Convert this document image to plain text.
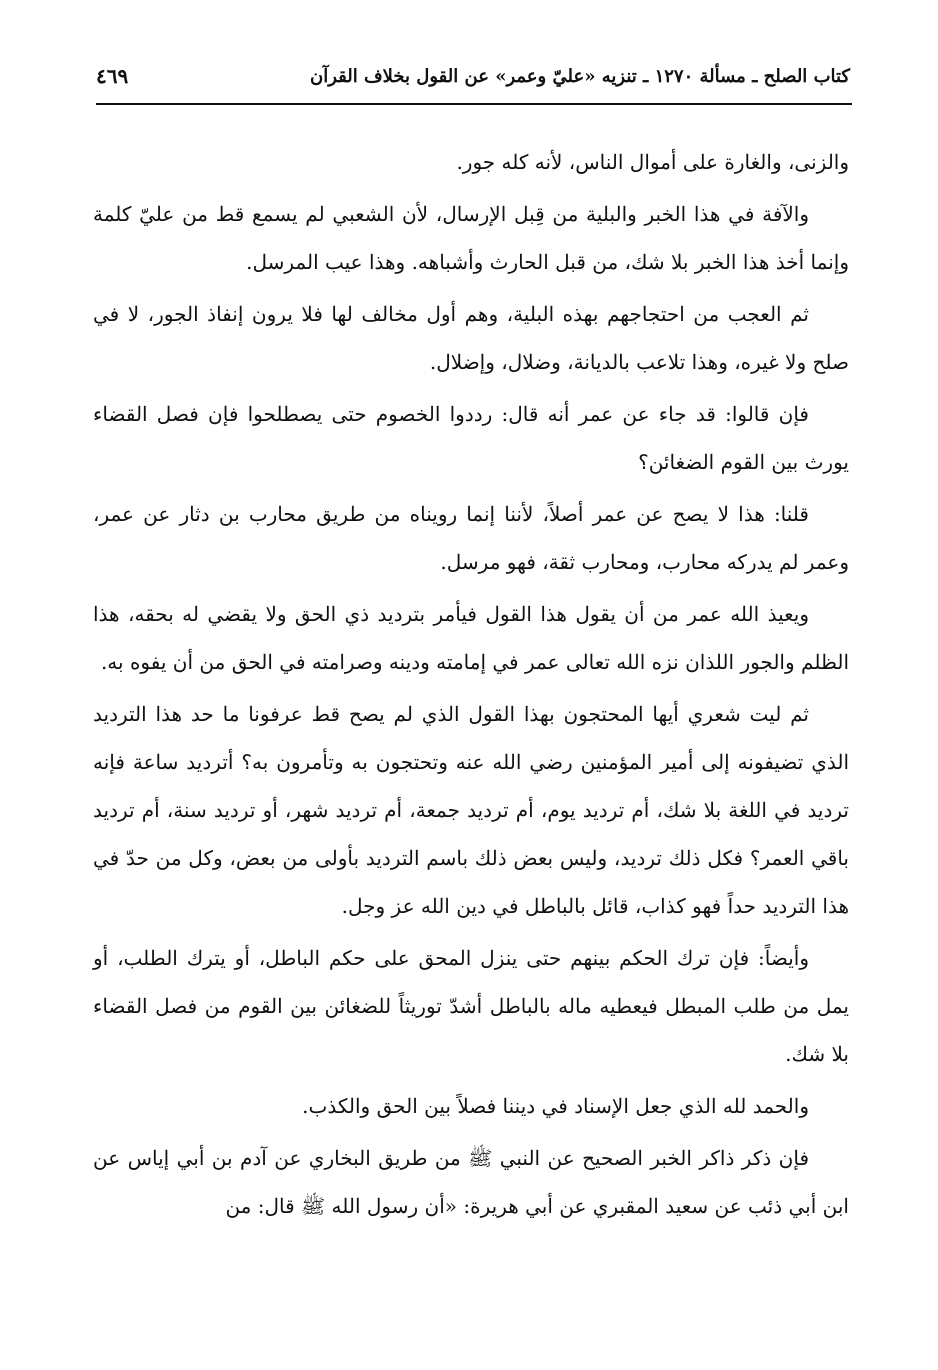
كتاب الصلح ـ مسألة ١٢٧٠ ـ تنزيه «عليّ وعمر» عن القول بخلاف القرآن
٤٦٩

والزنى، والغارة على أموال الناس، لأنه كله جور.

والآفة في هذا الخبر والبلية من قِبل الإرسال، لأن الشعبي لم يسمع قط من عليّ كلمة وإنما أخذ هذا الخبر بلا شك، من قبل الحارث وأشباهه. وهذا عيب المرسل.

ثم العجب من احتجاجهم بهذه البلية، وهم أول مخالف لها فلا يرون إنفاذ الجور، لا في صلح ولا غيره، وهذا تلاعب بالديانة، وضلال، وإضلال.

فإن قالوا: قد جاء عن عمر أنه قال: رددوا الخصوم حتى يصطلحوا فإن فصل القضاء يورث بين القوم الضغائن؟

قلنا: هذا لا يصح عن عمر أصلاً، لأننا إنما رويناه من طريق محارب بن دثار عن عمر، وعمر لم يدركه محارب، ومحارب ثقة، فهو مرسل.

ويعيذ الله عمر من أن يقول هذا القول فيأمر بترديد ذي الحق ولا يقضي له بحقه، هذا الظلم والجور اللذان نزه الله تعالى عمر في إمامته ودينه وصرامته في الحق من أن يفوه به.

ثم ليت شعري أيها المحتجون بهذا القول الذي لم يصح قط عرفونا ما حد هذا الترديد الذي تضيفونه إلى أمير المؤمنين رضي الله عنه وتحتجون به وتأمرون به؟ أترديد ساعة فإنه ترديد في اللغة بلا شك، أم ترديد يوم، أم ترديد جمعة، أم ترديد شهر، أو ترديد سنة، أم ترديد باقي العمر؟ فكل ذلك ترديد، وليس بعض ذلك باسم الترديد بأولى من بعض، وكل من حدّ في هذا الترديد حداً فهو كذاب، قائل بالباطل في دين الله عز وجل.

وأيضاً: فإن ترك الحكم بينهم حتى ينزل المحق على حكم الباطل، أو يترك الطلب، أو يمل من طلب المبطل فيعطيه ماله بالباطل أشدّ توريثاً للضغائن بين القوم من فصل القضاء بلا شك.

والحمد لله الذي جعل الإسناد في ديننا فصلاً بين الحق والكذب.

فإن ذكر ذاكر الخبر الصحيح عن النبي ﷺ من طريق البخاري عن آدم بن أبي إياس عن ابن أبي ذئب عن سعيد المقبري عن أبي هريرة: «أن رسول الله ﷺ قال: من
